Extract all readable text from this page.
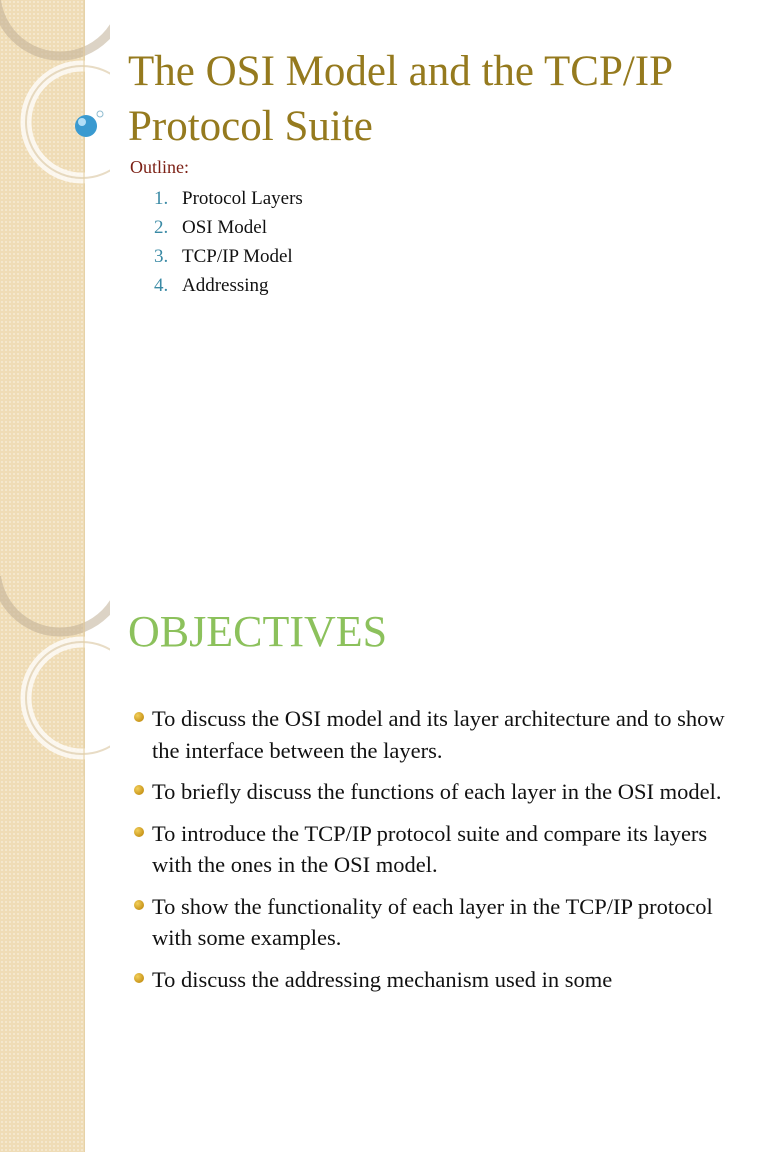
The OSI Model and the TCP/IP Protocol Suite
Outline:
1. Protocol Layers
2. OSI Model
3. TCP/IP Model
4. Addressing
OBJECTIVES
To discuss the OSI model and its layer architecture and to show the interface between the layers.
To briefly discuss the functions of each layer in the OSI model.
To introduce the TCP/IP protocol suite and compare its layers with the ones in the OSI model.
To show the functionality of each layer in the TCP/IP protocol with some examples.
To discuss the addressing mechanism used in some
